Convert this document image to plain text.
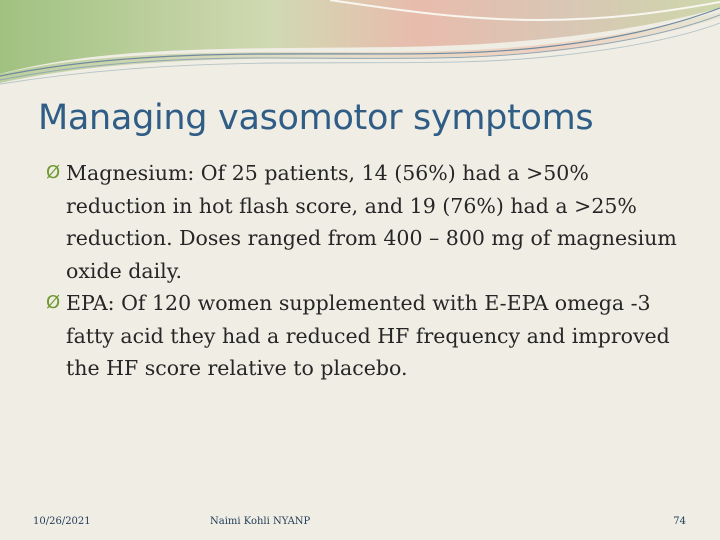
Managing vasomotor symptoms
Ø Magnesium: Of 25 patients, 14 (56%) had a >50% reduction in hot flash score, and 19 (76%) had a >25% reduction. Doses ranged from 400 – 800 mg of magnesium oxide daily.
Ø EPA: Of 120 women supplemented with E-EPA omega -3 fatty acid they had a reduced HF frequency and improved the HF score relative to placebo.
10/26/2021	Naimi Kohli NYANP	74
